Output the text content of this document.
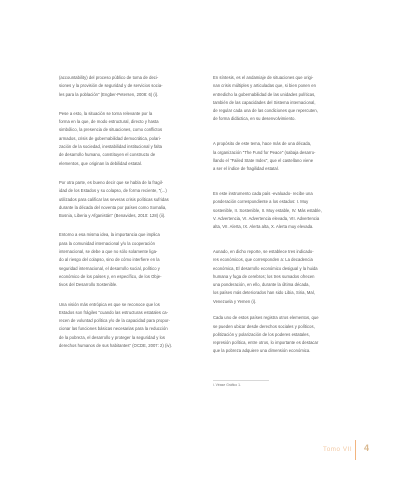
(accountability) del proceso público de toma de deci-
siones y la provisión de seguridad y de servicios socia-
les para la población" (Engber-Petersen, 2008: 6) (i).

Pese a esto, la situación se torna relevante por la
forma en la que, de modo estructural, directo y hasta
simbólico, la presencia de situaciones, como conflictos
armados, crisis de gobernabilidad democrática, polari-
zación de la sociedad, inestabilidad institucional y falta
de desarrollo humano, constituyen el constructo de
elementos, que originan la debilidad estatal.

Por otra parte, es bueno decir que se habla de la fragil-
idad de los Estados y su colapso, de forma reciente, "(...)
utilizados para calificar las severas crisis políticas sufridas
durante la década del noventa por países como Somalia,
Bosnia, Liberia y Afganistán" (Benavides, 2010: 128) (ii).

Entorno a esa misma idea, la importancia que implica
para la comunidad internacional y/o la cooperación
internacional, se debe a que no sólo solamente liga-
do al riesgo del colapso, sino de cómo interfiere en la
seguridad internacional, el desarrollo social, político y
económico de los países y, en específico, de los Obje-
tivos del Desarrollo Sostenible.

Una visión más entrópica es que se reconoce que los
Estados son frágiles "cuando las estructuras estatales ca-
recen de voluntad política y/o de la capacidad para propor-
cionar las funciones básicas necesarias para la reducción
de la pobreza, el desarrollo y proteger la seguridad y los
derechos humanos de sus habitantes" (OCDE, 2007: 2) (iv).

En síntesis, es el andamiaje de situaciones que origi-
nan crisis múltiples y articuladas que, si bien ponen en
entredicho la gobernabilidad de las unidades políticas,
también de las capacidades del Sistema internacional,
de regular cada una de las condiciones que repercuten,
de forma didáctica, en su desenvolvimiento.

A propósito de este tema, hace más de una década,
la organización "The Fund for Peace" (sabaja desarro-
llando el "Failed State Index", que el castellano viene
a ser el índice de fragilidad estatal.

En este instrumento cada país -evaluado- recibe una
ponderación correspondiente a los estados: I. Muy
sostenible, II. Sostenible, II. Muy estable, IV. Más estable,
V. Advertencia, VI. Advertencia elevada, VII. Advertencia
alta, VII. Alerta, IX. Alerta alta, X. Alerta muy elevada.

Aunado, en dicho reporte, se establece tres indicado-
res económicos, que corresponden a: La decadencia
económica, El desarrollo económico desigual y la huida
humana y fuga de cerebros; los tres sumados ofrecen
una ponderación, en ello, durante la última década,
los países más deteriorados han sido Libia, Siria, Mal,
Venezuela y Yemen (i).

Cada uno de estos países registra otros elementos, que
se pueden ubicar desde derechos sociales y políticos,
politización y polarización de los poderes estatales,
represión política, entre otros, lo importante es destacar
que la pobreza adquiere una dimensión económica.

i. Véase Gráfico 1.
Tomo VII 4
